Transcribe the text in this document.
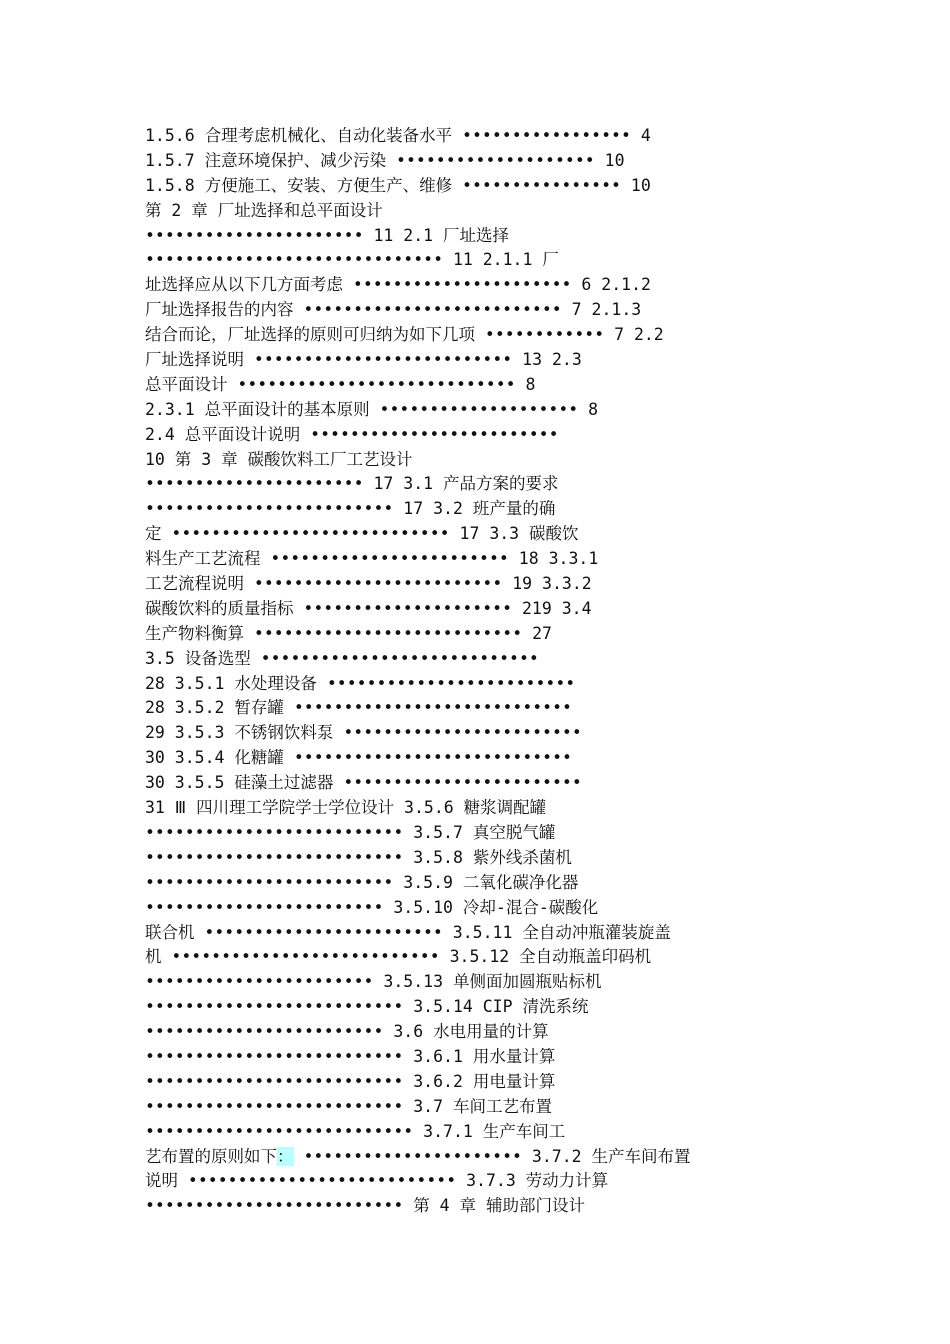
1.5.6 合理考虑机械化、自动化装备水平 ••••••••••••••••• 4
1.5.7 注意环境保护、减少污染 •••••••••••••••••••• 10
1.5.8 方便施工、安装、方便生产、维修 •••••••••••••••• 10
第 2 章 厂址选择和总平面设计
•••••••••••••••••••••• 11 2.1 厂址选择
•••••••••••••••••••••••••••••• 11 2.1.1 厂
址选择应从以下几方面考虑 •••••••••••••••••••••• 6 2.1.2
厂址选择报告的内容 •••••••••••••••••••••••••• 7 2.1.3
结合而论，厂址选择的原则可归纳为如下几项 •••••••••••• 7 2.2
厂址选择说明 •••••••••••••••••••••••••• 13 2.3
总平面设计 •••••••••••••••••••••••••••• 8
2.3.1 总平面设计的基本原则 •••••••••••••••••••• 8
2.4 总平面设计说明 •••••••••••••••••••••••••
10 第 3 章 碳酸饮料工厂工艺设计
•••••••••••••••••••••• 17 3.1 产品方案的要求
••••••••••••••••••••••••• 17 3.2 班产量的确
定 •••••••••••••••••••••••••••• 17 3.3 碳酸饮
料生产工艺流程 •••••••••••••••••••••••• 18 3.3.1
工艺流程说明 ••••••••••••••••••••••••• 19 3.3.2
碳酸饮料的质量指标 ••••••••••••••••••••• 219 3.4
生产物料衡算 ••••••••••••••••••••••••••• 27
3.5 设备选型 ••••••••••••••••••••••••••••
28 3.5.1 水处理设备 •••••••••••••••••••••••••
28 3.5.2 暂存罐 ••••••••••••••••••••••••••••
29 3.5.3 不锈钢饮料泵 ••••••••••••••••••••••••
30 3.5.4 化糖罐 ••••••••••••••••••••••••••••
30 3.5.5 硅藻土过滤器 ••••••••••••••••••••••••
31 Ⅲ 四川理工学院学士学位设计 3.5.6 糖浆调配罐
•••••••••••••••••••••••••• 3.5.7 真空脱气罐
•••••••••••••••••••••••••• 3.5.8 紫外线杀菌机
••••••••••••••••••••••••• 3.5.9 二氧化碳净化器
•••••••••••••••••••••••• 3.5.10 冷却-混合-碳酸化
联合机 •••••••••••••••••••••••• 3.5.11 全自动冲瓶灌装旋盖
机 ••••••••••••••••••••••••••• 3.5.12 全自动瓶盖印码机
••••••••••••••••••••••• 3.5.13 单侧面加圆瓶贴标机
•••••••••••••••••••••••••• 3.5.14 CIP 清洗系统
•••••••••••••••••••••••• 3.6 水电用量的计算
•••••••••••••••••••••••••• 3.6.1 用水量计算
•••••••••••••••••••••••••• 3.6.2 用电量计算
•••••••••••••••••••••••••• 3.7 车间工艺布置
••••••••••••••••••••••••••• 3.7.1 生产车间工
艺布置的原则如下： •••••••••••••••••••••• 3.7.2 生产车间布置
说明 ••••••••••••••••••••••••••• 3.7.3 劳动力计算
•••••••••••••••••••••••••• 第 4 章 辅助部门设计
